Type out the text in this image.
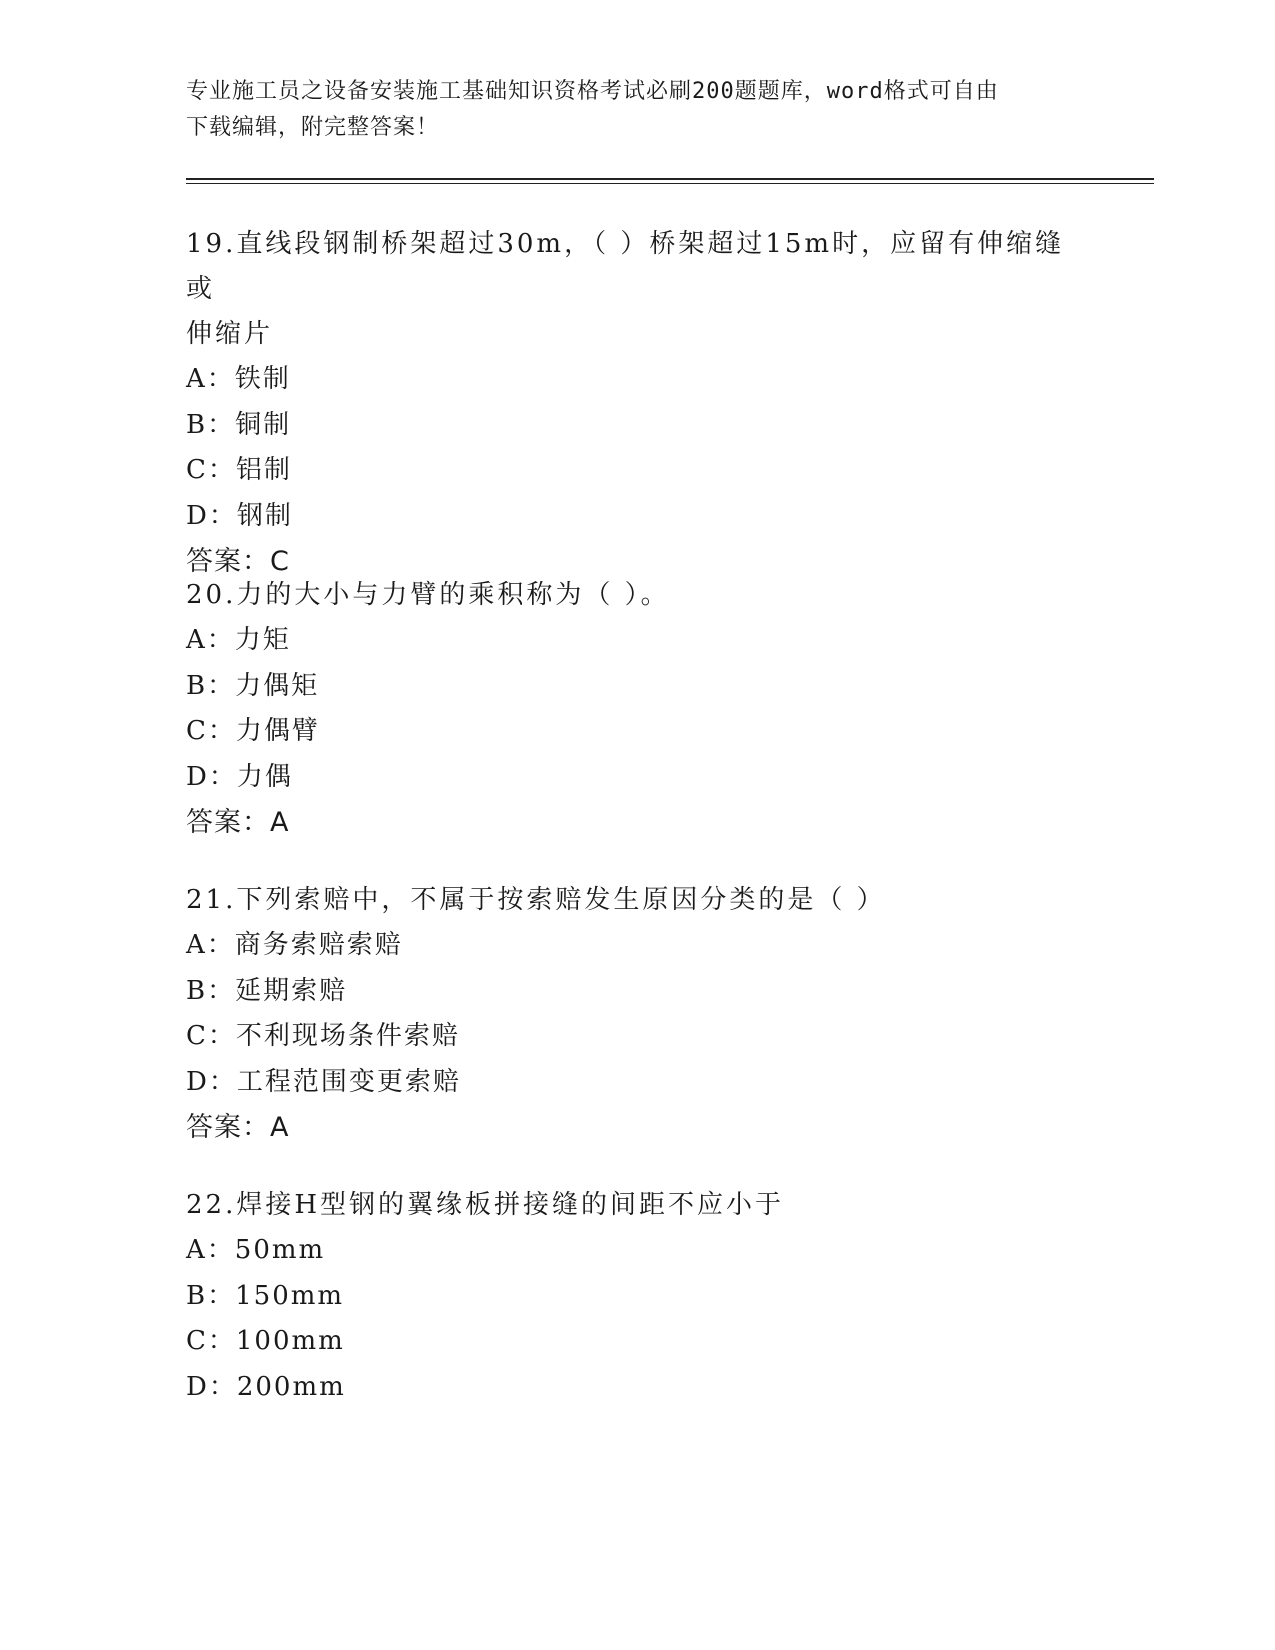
专业施工员之设备安装施工基础知识资格考试必刷200题题库，word格式可自由
下载编辑，附完整答案！

19.直线段钢制桥架超过30m，（ ）桥架超过15m时，应留有伸缩缝或

伸缩片

A：铁制

B：铜制

C：铝制

D：钢制

答案：C

20.力的大小与力臂的乘积称为（ ）。

A：力矩

B：力偶矩

C：力偶臂

D：力偶

答案：A

21.下列索赔中，不属于按索赔发生原因分类的是（ ）

A：商务索赔索赔

B：延期索赔

C：不利现场条件索赔

D：工程范围变更索赔

答案：A

22.焊接H型钢的翼缘板拼接缝的间距不应小于

A：50mm

B：150mm

C：100mm

D：200mm
